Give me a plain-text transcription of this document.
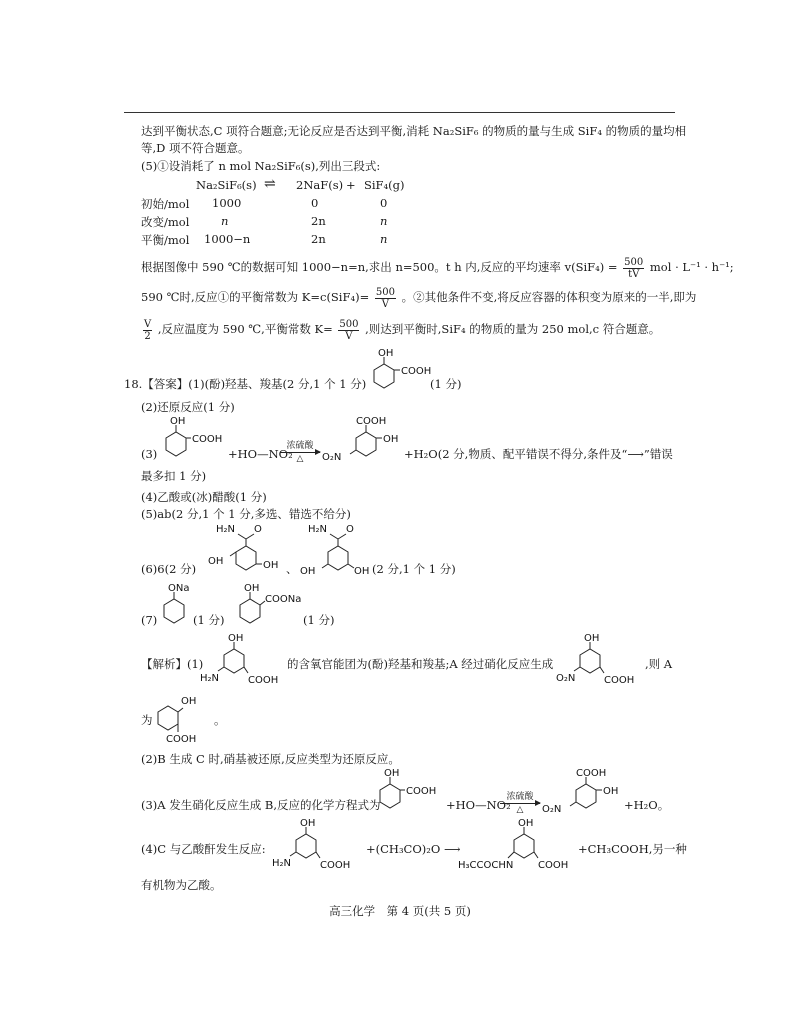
达到平衡状态,C 项符合题意;无论反应是否达到平衡,消耗 Na₂SiF₆ 的物质的量与生成 SiF₄ 的物质的量均相
等,D 项不符合题意。
(5)①设消耗了 n mol Na₂SiF₆(s),列出三段式:
Na₂SiF₆(s) ⇌ 2NaF(s) + SiF₄(g)
初始/mol 1000	0	0
改变/mol	n	2n	n
平衡/mol 1000−n	2n	n
根据图像中 590 ℃的数据可知 1000−n=n,求出 n=500。t h 内,反应的平均速率 $v(SiF_4) = \frac{500}{tV}$ mol · L⁻¹ · h⁻¹;
590 ℃时,反应①的平衡常数为 $K=c(SiF_4)= \frac{500}{V}$ 。②其他条件不变,将反应容器的体积变为原来的一半,即为
$\frac{V}{2}$ ,反应温度为 590 ℃,平衡常数 $K= \frac{500}{V}$ ,则达到平衡时,SiF₄ 的物质的量为 250 mol,c 符合题意。
18.【答案】(1)(酚)羟基、羧基(2 分,1 个 1 分)
OH
COOH
(1 分)
(2)还原反应(1 分)
(3)
OH
COOH
+HO—NO₂
浓硫酸
△
COOH
OH
O₂N	+H₂O(2 分,物质、配平错误不得分,条件及“⟶”错误
最多扣 1 分)
(4)乙酸或(冰)醋酸(1 分)
(5)ab(2 分,1 个 1 分,多选、错选不给分)
(6)6(2 分)
O
H₂N
OH	OH 、
O
H₂N
OH	OH (2 分,1 个 1 分)
(7)
ONa
(1 分)
OH
COONa
(1 分)
【解析】(1)
OH
H₂N	COOH
的含氧官能团为(酚)羟基和羧基;A 经过硝化反应生成
OH
O₂N	COOH
,则 A
为
OH
COOH
。
(2)B 生成 C 时,硝基被还原,反应类型为还原反应。
(3)A 发生硝化反应生成 B,反应的化学方程式为
OH
COOH
+HO—NO₂
浓硫酸
△
COOH
OH
O₂N	+H₂O。
(4)C 与乙酸酐发生反应:
OH
H₂N	COOH
+(CH₃CO)₂O ⟶
OH
H₃CCOCHN COOH
+CH₃COOH,另一种
有机物为乙酸。
高三化学　第 4 页(共 5 页)
